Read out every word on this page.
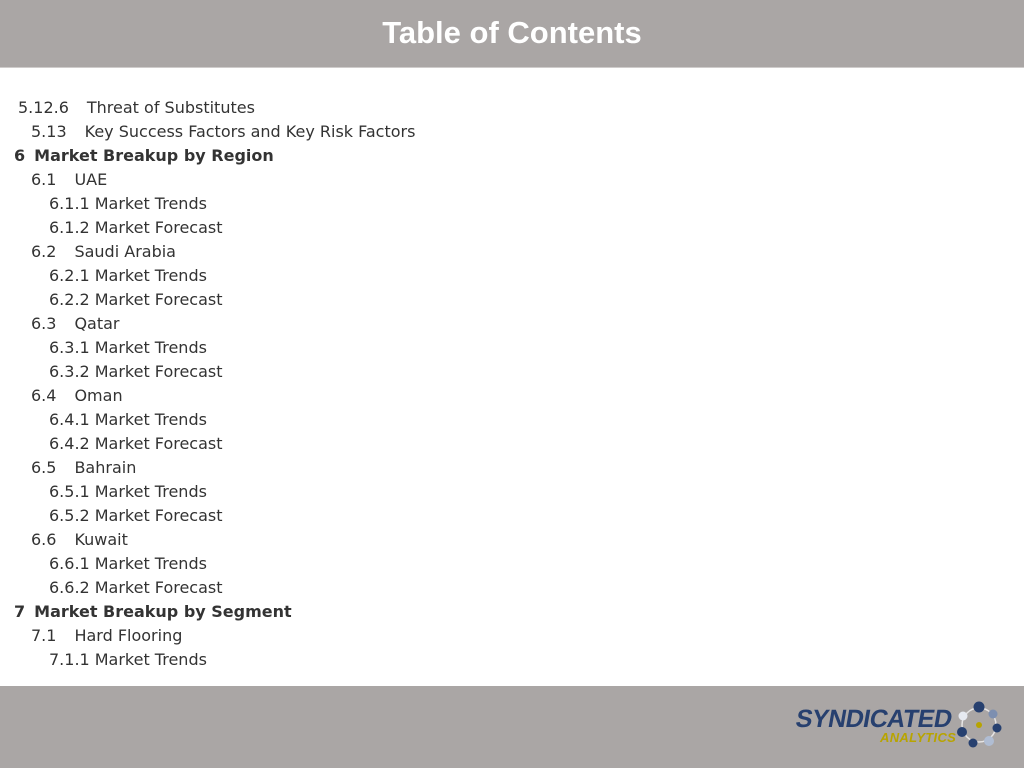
Table of Contents
5.12.6 Threat of Substitutes
5.13 Key Success Factors and Key Risk Factors
6 Market Breakup by Region
6.1 UAE
6.1.1 Market Trends
6.1.2 Market Forecast
6.2 Saudi Arabia
6.2.1 Market Trends
6.2.2 Market Forecast
6.3 Qatar
6.3.1 Market Trends
6.3.2 Market Forecast
6.4 Oman
6.4.1 Market Trends
6.4.2 Market Forecast
6.5 Bahrain
6.5.1 Market Trends
6.5.2 Market Forecast
6.6 Kuwait
6.6.1 Market Trends
6.6.2 Market Forecast
7 Market Breakup by Segment
7.1 Hard Flooring
7.1.1 Market Trends
SYNDICATED
ANALYTICS
